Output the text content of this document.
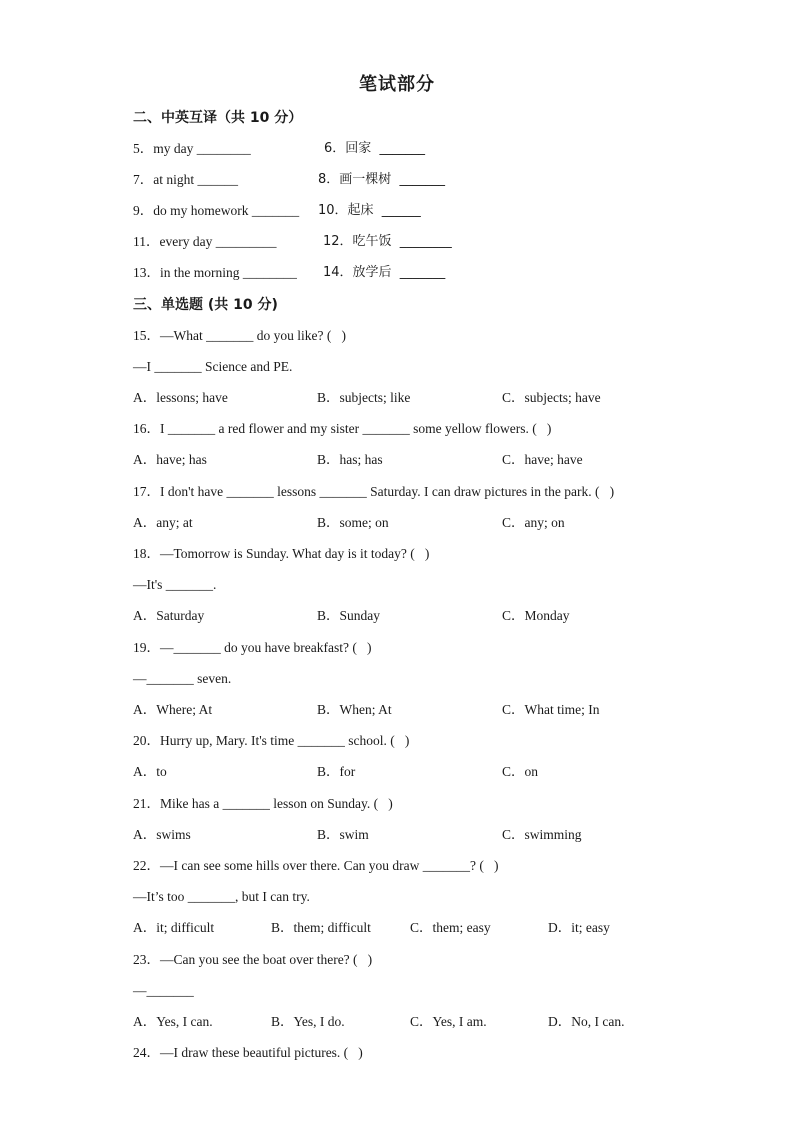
笔试部分
二、中英互译（共 10 分）
5．my day ________	6．回家  _______
7．at night ______	8．画一棵树  _______
9．do my homework _______ 10．起床  ______
11．every day _________	12．吃午饭  ________
13．in the morning ________ 14．放学后  _______
三、单选题 (共 10 分)
15．—What _______ do you like? (   )
—I _______ Science and PE.
A．lessons; have	B．subjects; like	C．subjects; have
16．I _______ a red flower and my sister _______ some yellow flowers. (   )
A．have; has	B．has; has	C．have; have
17．I don't have _______ lessons _______ Saturday. I can draw pictures in the park. (   )
A．any; at	B．some; on	C．any; on
18．—Tomorrow is Sunday. What day is it today? (   )
—It's _______.
A．Saturday	B．Sunday	C．Monday
19．—_______ do you have breakfast? (   )
—_______ seven.
A．Where; At	B．When; At	C．What time; In
20．Hurry up, Mary. It's time _______ school. (   )
A．to	B．for	C．on
21．Mike has a _______ lesson on Sunday. (   )
A．swims	B．swim	C．swimming
22．—I can see some hills over there. Can you draw _______? (   )
—It’s too _______, but I can try.
A．it; difficult	B．them; difficult	C．them; easy	D．it; easy
23．—Can you see the boat over there? (   )
—_______
A．Yes, I can.	B．Yes, I do.	C．Yes, I am.	D．No, I can.
24．—I draw these beautiful pictures. (   )
